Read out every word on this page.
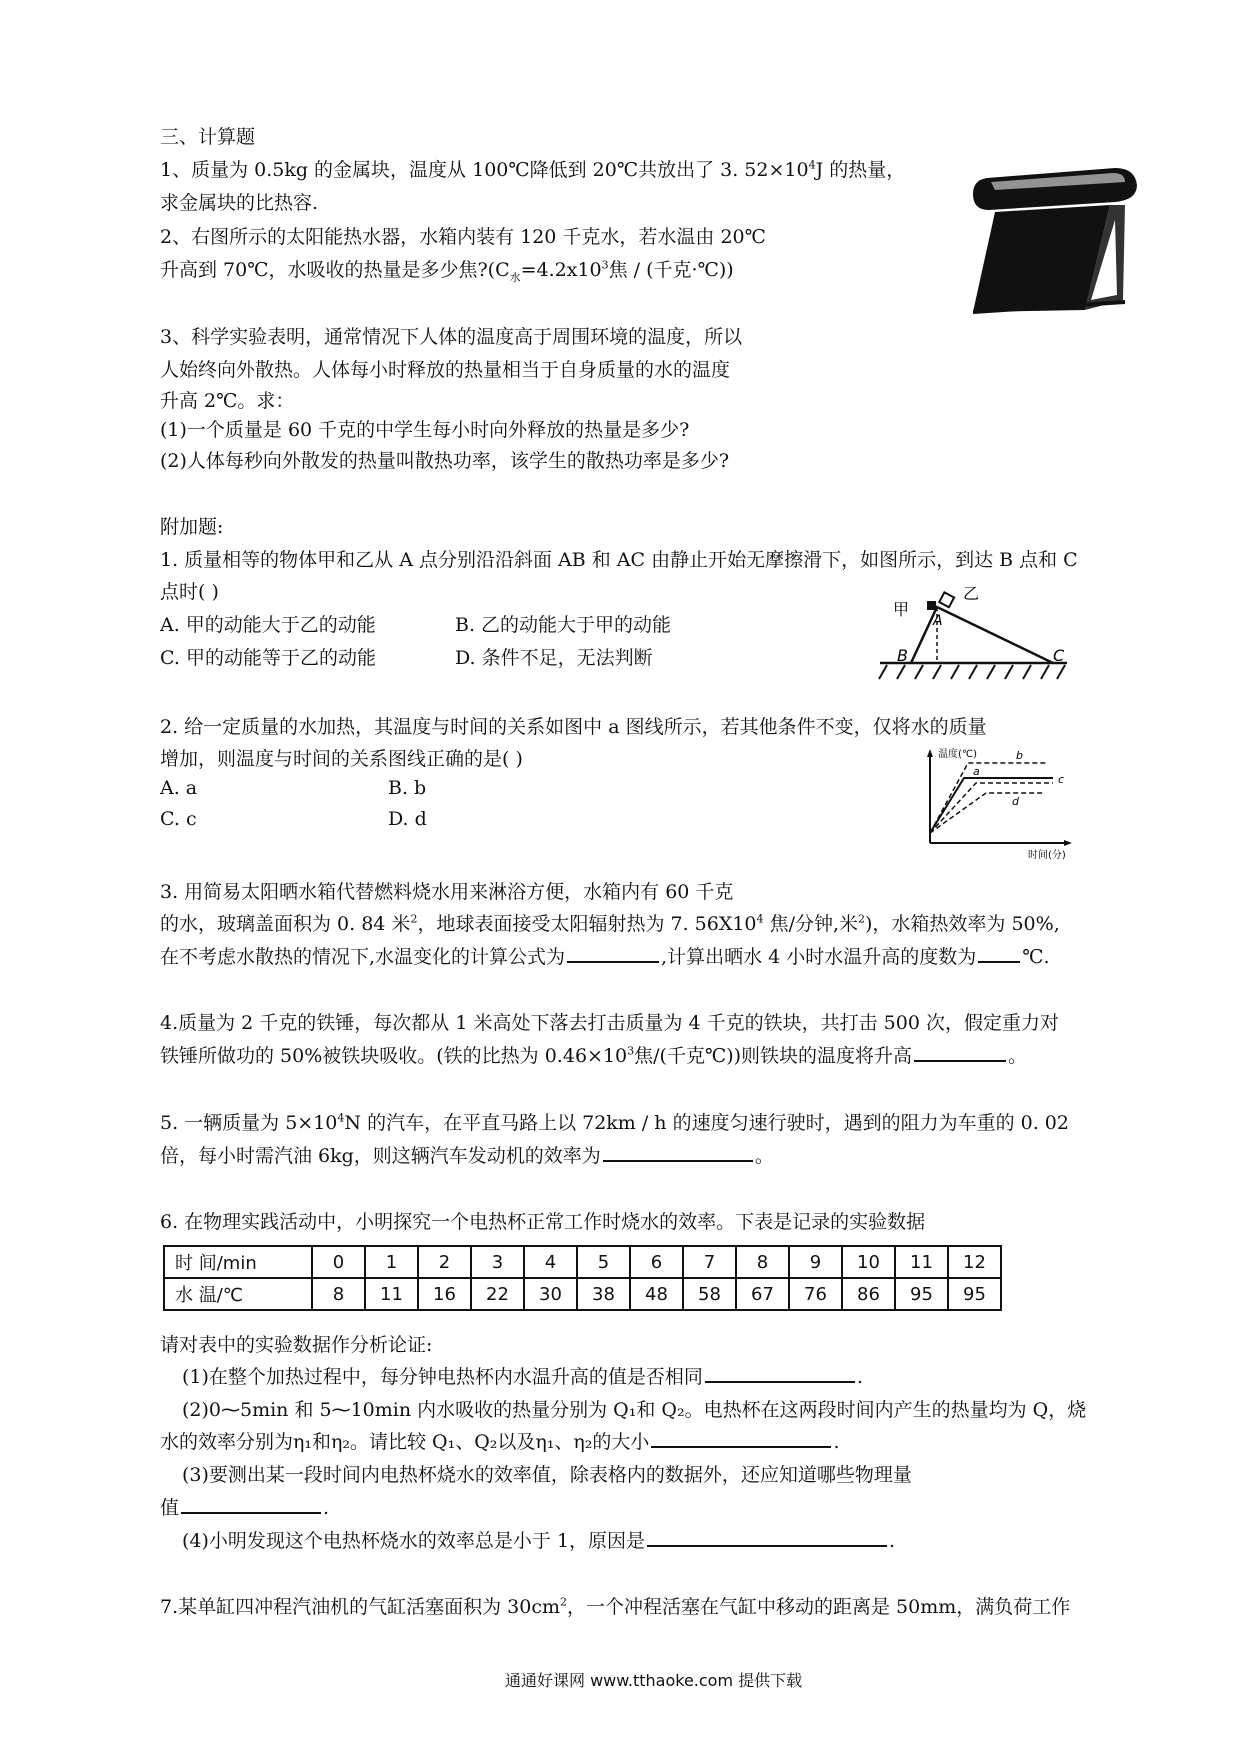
三、计算题
1、质量为 0.5kg 的金属块，温度从 100℃降低到 20℃共放出了 3. $52\times 10^4J$ 的热量，
求金属块的比热容.
2、右图所示的太阳能热水器，水箱内装有 120 千克水，若水温由 20℃
升高到 70℃，水吸收的热量是多少焦$?(C_水=4.2x10^3$焦 / (千克·℃))
3、科学实验表明，通常情况下人体的温度高于周围环境的温度，所以
人始终向外散热。人体每小时释放的热量相当于自身质量的水的温度
升高 2℃。求：
(1)一个质量是 60 千克的中学生每小时向外释放的热量是多少?
(2)人体每秒向外散发的热量叫散热功率，该学生的散热功率是多少?
附加题:
1. 质量相等的物体甲和乙从 A 点分别沿沿斜面 AB 和 AC 由静止开始无摩擦滑下，如图所示，到达 B 点和 C
点时( )
A. 甲的动能大于乙的动能	B. 乙的动能大于甲的动能
C. 甲的动能等于乙的动能	D. 条件不足，无法判断
甲
乙
A
B	C
2. 给一定质量的水加热，其温度与时间的关系如图中 a 图线所示，若其他条件不变，仅将水的质量
增加，则温度与时间的关系图线正确的是( )
A. a	B. b
C. c	D. d
温度(℃)
时间(分)
b
a
c
d
3. 用简易太阳晒水箱代替燃料烧水用来淋浴方便，水箱内有 60 千克
的水，玻璃盖面积为 0. 84 米$^2$，地球表面接受太阳辐射热为 7. $56X10^4$ 焦/分钟,米$^2$)，水箱热效率为 50%,
在不考虑水散热的情况下,水温变化的计算公式为	,计算出晒水 4 小时水温升高的度数为 ℃.
4.质量为 2 千克的铁锤，每次都从 1 米高处下落去打击质量为 4 千克的铁块，共打击 500 次，假定重力对
铁锤所做功的 50%被铁块吸收。(铁的比热为 $0.46\times 10^3$焦/(千克℃))则铁块的温度将升高	。
5. 一辆质量为 $5\times 10^4N$ 的汽车，在平直马路上以 72km / h 的速度匀速行驶时，遇到的阻力为车重的 0. 02
倍，每小时需汽油 6kg，则这辆汽车发动机的效率为	。
6. 在物理实践活动中，小明探究一个电热杯正常工作时烧水的效率。下表是记录的实验数据
时 间/min	0	1	2	3	4	5	6	7	8	9	10	11	12
水 温/℃	8	11	16	22	30	38	48	58	67	76	86	95	95
请对表中的实验数据作分析论证:
(1)在整个加热过程中，每分钟电热杯内水温升高的值是否相同	.
(2)0⁓5min 和 5⁓10min 内水吸收的热量分别为 Q₁和 Q₂。电热杯在这两段时间内产生的热量均为 Q，烧
水的效率分别为η₁和η₂。请比较 Q₁、Q₂以及η₁、η₂的大小	.
(3)要测出某一段时间内电热杯烧水的效率值，除表格内的数据外，还应知道哪些物理量
值	.
(4)小明发现这个电热杯烧水的效率总是小于 1，原因是	.
7.某单缸四冲程汽油机的气缸活塞面积为 $30cm^2$，一个冲程活塞在气缸中移动的距离是 50mm，满负荷工作
通通好课网 www.tthaoke.com 提供下载
